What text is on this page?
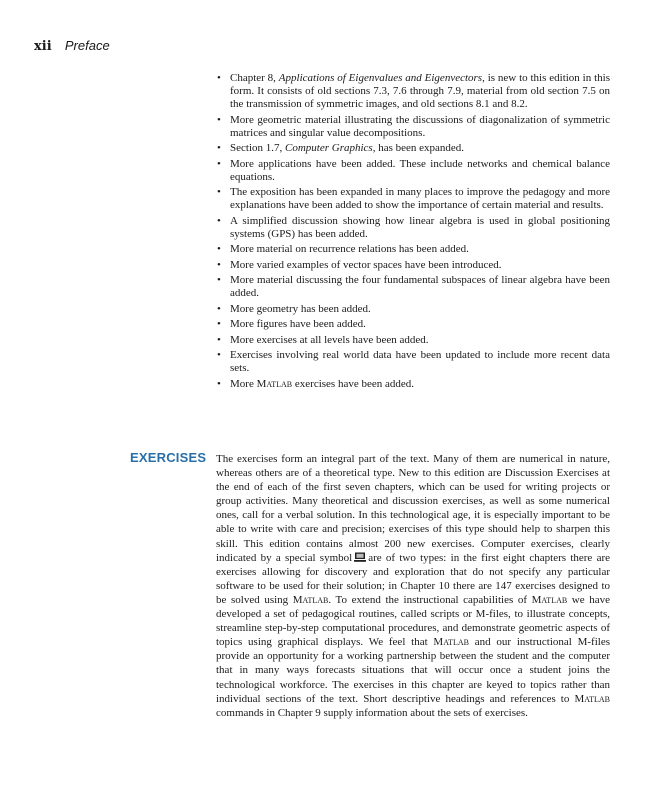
xii Preface
• Chapter 8, Applications of Eigenvalues and Eigenvectors, is new to this edition in this form. It consists of old sections 7.3, 7.6 through 7.9, material from old section 7.5 on the transmission of symmetric images, and old sections 8.1 and 8.2.
• More geometric material illustrating the discussions of diagonalization of symmetric matrices and singular value decompositions.
• Section 1.7, Computer Graphics, has been expanded.
• More applications have been added. These include networks and chemical balance equations.
• The exposition has been expanded in many places to improve the pedagogy and more explanations have been added to show the importance of certain material and results.
• A simplified discussion showing how linear algebra is used in global positioning systems (GPS) has been added.
• More material on recurrence relations has been added.
• More varied examples of vector spaces have been introduced.
• More material discussing the four fundamental subspaces of linear algebra have been added.
• More geometry has been added.
• More figures have been added.
• More exercises at all levels have been added.
• Exercises involving real world data have been updated to include more recent data sets.
• More Matlab exercises have been added.
EXERCISES The exercises form an integral part of the text. Many of them are numerical in nature, whereas others are of a theoretical type. New to this edition are Discussion Exercises at the end of each of the first seven chapters, which can be used for writing projects or group activities. Many theoretical and discussion exercises, as well as some numerical ones, call for a verbal solution. In this technological age, it is especially important to be able to write with care and precision; exercises of this type should help to sharpen this skill. This edition contains almost 200 new exercises. Computer exercises, clearly indicated by a special symbol are of two types: in the first eight chapters there are exercises allowing for discovery and exploration that do not specify any particular software to be used for their solution; in Chapter 10 there are 147 exercises designed to be solved using Matlab. To extend the instructional capabilities of Matlab we have developed a set of pedagogical routines, called scripts or M-files, to illustrate concepts, streamline step-by-step computational procedures, and demonstrate geometric aspects of topics using graphical displays. We feel that Matlab and our instructional M-files provide an opportunity for a working partnership between the student and the computer that in many ways forecasts situations that will occur once a student joins the technological workforce. The exercises in this chapter are keyed to topics rather than individual sections of the text. Short descriptive headings and references to Matlab commands in Chapter 9 supply information about the sets of exercises.
